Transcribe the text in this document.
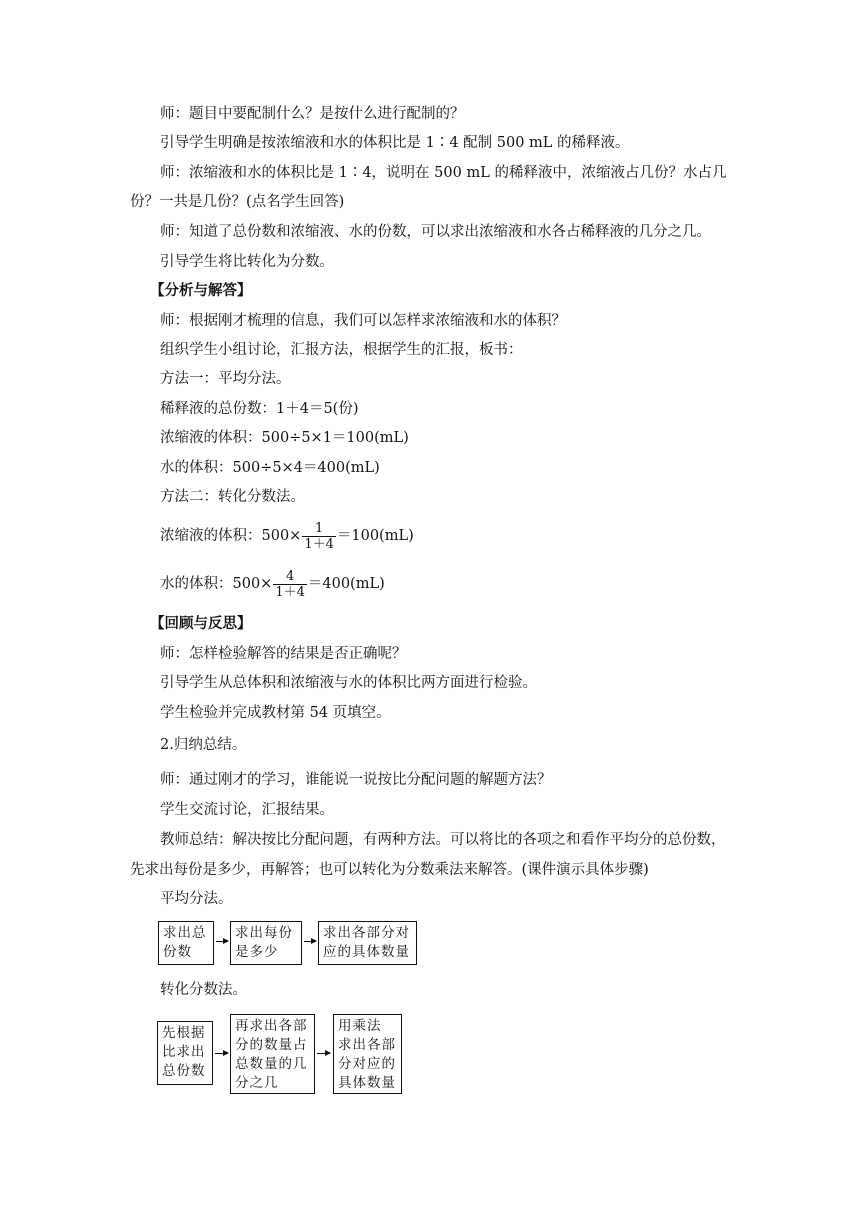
师：题目中要配制什么？是按什么进行配制的？
引导学生明确是按浓缩液和水的体积比是 1∶4 配制 500 mL 的稀释液。
师：浓缩液和水的体积比是 1∶4，说明在 500 mL 的稀释液中，浓缩液占几份？水占几
份？一共是几份？(点名学生回答)
师：知道了总份数和浓缩液、水的份数，可以求出浓缩液和水各占稀释液的几分之几。
引导学生将比转化为分数。
【分析与解答】
师：根据刚才梳理的信息，我们可以怎样求浓缩液和水的体积？
组织学生小组讨论，汇报方法，根据学生的汇报，板书：
方法一：平均分法。
稀释液的总份数：1＋4＝5(份)
浓缩液的体积：500÷5×1＝100(mL)
水的体积：500÷5×4＝400(mL)
方法二：转化分数法。
浓缩液的体积：$500\times \frac{1}{1+4} =100(mL)$
水的体积：$500\times \frac{4}{1+4} =400(mL)$
【回顾与反思】
师：怎样检验解答的结果是否正确呢？
引导学生从总体积和浓缩液与水的体积比两方面进行检验。
学生检验并完成教材第 54 页填空。
2.归纳总结。
师：通过刚才的学习，谁能说一说按比分配问题的解题方法？
学生交流讨论，汇报结果。
教师总结：解决按比分配问题，有两种方法。可以将比的各项之和看作平均分的总份数，
先求出每份是多少，再解答；也可以转化为分数乘法来解答。(课件演示具体步骤)
平均分法。
求出总
份数
求出每份
是多少
求出各部分对
应的具体数量
转化分数法。
先根据
比求出
总份数
再求出各部
分的数量占
总数量的几
分之几
用乘法
求出各部
分对应的
具体数量
